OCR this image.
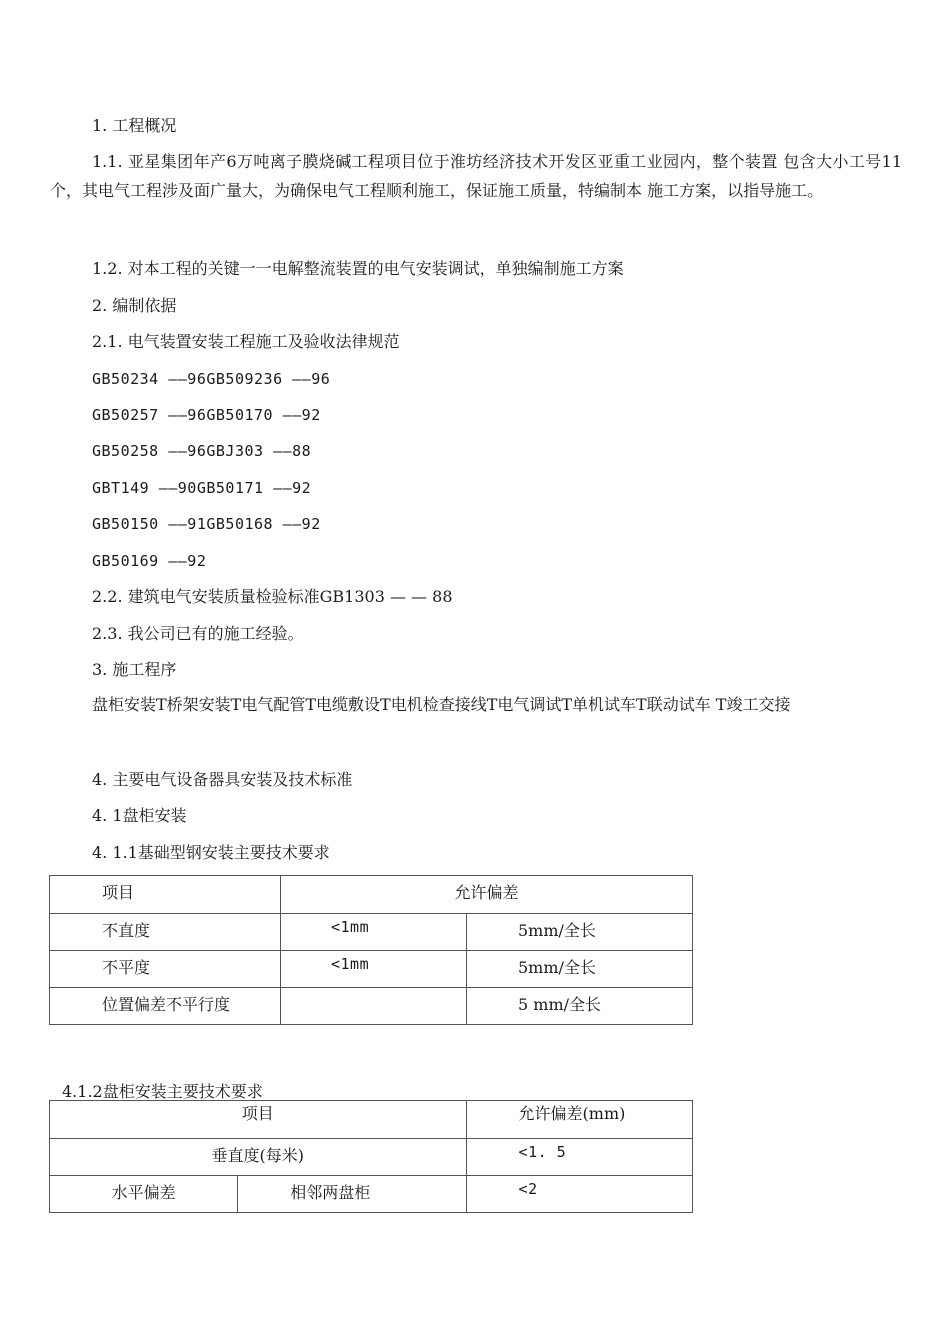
1. 工程概况
1.1. 亚星集团年产6万吨离子膜烧碱工程项目位于淮坊经济技术开发区亚重工业园内，整个装置 包含大小工号11个，其电气工程涉及面广量大，为确保电气工程顺利施工，保证施工质量，特编制本 施工方案，以指导施工。
1.2. 对本工程的关键一一电解整流装置的电气安装调试，单独编制施工方案
2. 编制依据
2.1. 电气装置安装工程施工及验收法律规范
GB50234 ——96GB509236 ——96
GB50257 ——96GB50170 ——92
GB50258 ——96GBJ303 ——88
GBT149 ——90GB50171 ——92
GB50150 ——91GB50168 ——92
GB50169 ——92
2.2. 建筑电气安装质量检验标准GB1303 — — 88
2.3. 我公司已有的施工经验。
3. 施工程序
盘柜安装T桥架安装T电气配管T电缆敷设T电机检查接线T电气调试T单机试车T联动试车 T竣工交接
4. 主要电气设备器具安装及技术标准
4. 1盘柜安装
4. 1.1基础型钢安装主要技术要求
项目	允许偏差	

不直度	<1mm	5mm/全长

不平度	<1mm	5mm/全长

位置偏差不平行度		5 mm/全长
4.1.2盘柜安装主要技术要求
项目		允许偏差(mm)

垂直度(每米)		<1. 5

水平偏差	相邻两盘柜	<2
